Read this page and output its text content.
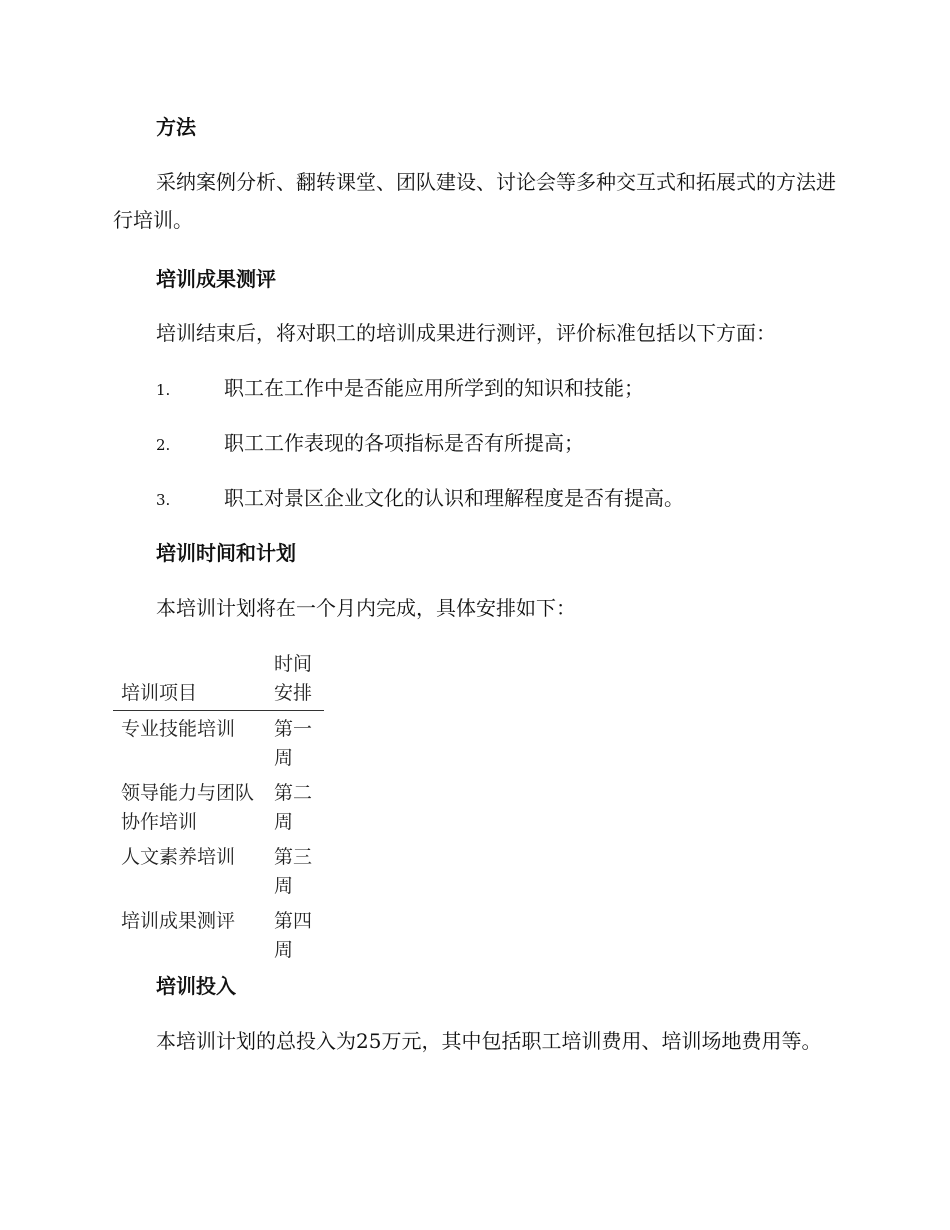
方法

采纳案例分析、翻转课堂、团队建设、讨论会等多种交互式和拓展式的方法进行培训。

培训成果测评

培训结束后，将对职工的培训成果进行测评，评价标准包括以下方面：

1.	职工在工作中是否能应用所学到的知识和技能；
2.	职工工作表现的各项指标是否有所提高；
3.	职工对景区企业文化的认识和理解程度是否有提高。
培训时间和计划

本培训计划将在一个月内完成，具体安排如下：

培训项目	时间安排
专业技能培训	第一周
领导能力与团队协作培训	第二周
人文素养培训	第三周
培训成果测评	第四周
培训投入

本培训计划的总投入为25万元，其中包括职工培训费用、培训场地费用等。
